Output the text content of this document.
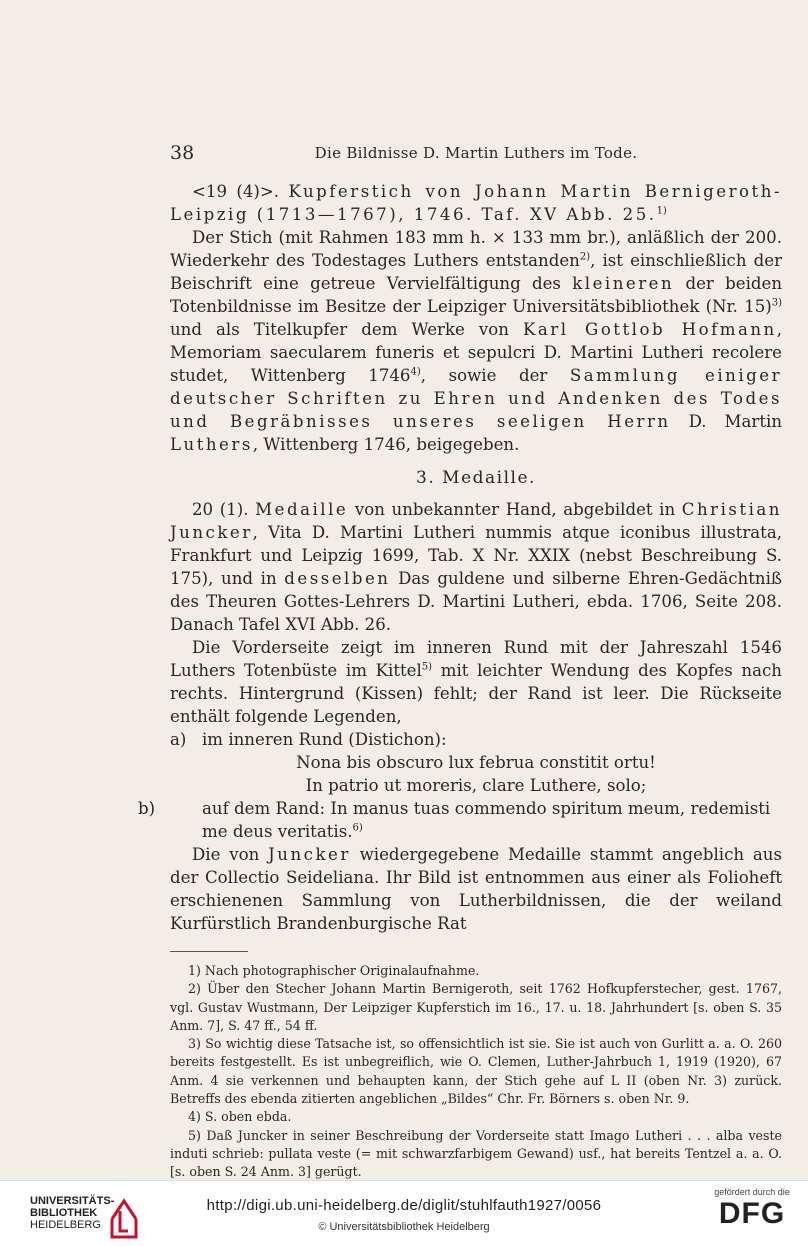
38	Die Bildnisse D. Martin Luthers im Tode.

<19 (4)>. Kupferstich von Johann Martin Bernigeroth-Leipzig (1713—1767), 1746. Taf. XV Abb. 25.$^{1)}$

Der Stich (mit Rahmen 183 mm h. × 133 mm br.), anläßlich der 200. Wiederkehr des Todestages Luthers entstanden$^{2)}$, ist einschließlich der Beischrift eine getreue Vervielfältigung des kleineren der beiden Totenbildnisse im Besitze der Leipziger Universitätsbibliothek (Nr. 15)$^{3)}$ und als Titelkupfer dem Werke von Karl Gottlob Hofmann, Memoriam saecularem funeris et sepulcri D. Martini Lutheri recolere studet, Wittenberg 1746$^{4)}$, sowie der Sammlung einiger deutscher Schriften zu Ehren und Andenken des Todes und Begräbnisses unseres seeligen Herrn D. Martin Luthers, Wittenberg 1746, beigegeben.

3. Medaille.

20 (1). Medaille von unbekannter Hand, abgebildet in Christian Juncker, Vita D. Martini Lutheri nummis atque iconibus illustrata, Frankfurt und Leipzig 1699, Tab. X Nr. XXIX (nebst Beschreibung S. 175), und in desselben Das guldene und silberne Ehren-Gedächtniß des Theuren Gottes-Lehrers D. Martini Lutheri, ebda. 1706, Seite 208. Danach Tafel XVI Abb. 26.

Die Vorderseite zeigt im inneren Rund mit der Jahreszahl 1546 Luthers Totenbüste im Kittel$^{5)}$ mit leichter Wendung des Kopfes nach rechts. Hintergrund (Kissen) fehlt; der Rand ist leer. Die Rückseite enthält folgende Legenden,

a) im inneren Rund (Distichon):

Nona bis obscuro lux februa constitit ortu!

In patrio ut moreris, clare Luthere, solo;

b)	auf dem Rand: In manus tuas commendo spiritum meum, redemisti me deus veritatis.$^{6)}$

Die von Juncker wiedergegebene Medaille stammt angeblich aus der Collectio Seideliana. Ihr Bild ist entnommen aus einer als Folioheft erschienenen Sammlung von Lutherbildnissen, die der weiland Kurfürstlich Brandenburgische Rat

1) Nach photographischer Originalaufnahme.

2) Über den Stecher Johann Martin Bernigeroth, seit 1762 Hofkupferstecher, gest. 1767, vgl. Gustav Wustmann, Der Leipziger Kupferstich im 16., 17. u. 18. Jahrhundert [s. oben S. 35 Anm. 7], S. 47 ff., 54 ff.

3) So wichtig diese Tatsache ist, so offensichtlich ist sie. Sie ist auch von Gurlitt a. a. O. 260 bereits festgestellt. Es ist unbegreiflich, wie O. Clemen, Luther-Jahrbuch 1, 1919 (1920), 67 Anm. 4 sie verkennen und behaupten kann, der Stich gehe auf L II (oben Nr. 3) zurück. Betreffs des ebenda zitierten angeblichen „Bildes“ Chr. Fr. Börners s. oben Nr. 9.

4) S. oben ebda.

5) Daß Juncker in seiner Beschreibung der Vorderseite statt Imago Lutheri . . . alba veste induti schrieb: pullata veste (= mit schwarzfarbigem Gewand) usf., hat bereits Tentzel a. a. O. [s. oben S. 24 Anm. 3] gerügt.

UNIVERSITÄTS-
BIBLIOTHEK
HEIDELBERG
http://digi.ub.uni-heidelberg.de/diglit/stuhlfauth1927/0056
© Universitätsbibliothek Heidelberg
gefördert durch die
DFG
